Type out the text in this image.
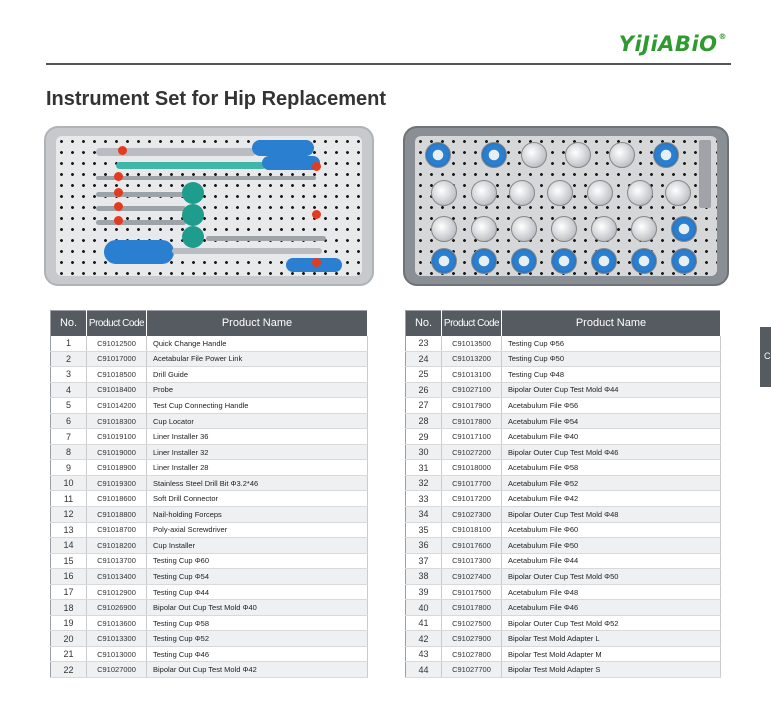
YiJiABiO®
Instrument Set for Hip Replacement
No.	Product Code	Product Name
1	C91012500	Quick Change Handle
2	C91017000	Acetabular File Power Link
3	C91018500	Drill Guide
4	C91018400	Probe
5	C91014200	Test Cup Connecting Handle
6	C91018300	Cup Locator
7	C91019100	Liner Installer 36
8	C91019000	Liner Installer 32
9	C91018900	Liner Installer 28
10	C91019300	Stainless Steel Drill Bit Φ3.2*46
11	C91018600	Soft Drill Connector
12	C91018800	Nail-holding Forceps
13	C91018700	Poly-axial Screwdriver
14	C91018200	Cup Installer
15	C91013700	Testing Cup Φ60
16	C91013400	Testing Cup Φ54
17	C91012900	Testing Cup Φ44
18	C91026900	Bipolar Out Cup Test Mold Φ40
19	C91013600	Testing Cup Φ58
20	C91013300	Testing Cup Φ52
21	C91013000	Testing Cup Φ46
22	C91027000	Bipolar Out Cup Test Mold Φ42
No.	Product Code	Product Name
23	C91013500	Testing Cup Φ56
24	C91013200	Testing Cup Φ50
25	C91013100	Testing Cup Φ48
26	C91027100	Bipolar Outer Cup Test Mold Φ44
27	C91017900	Acetabulum File Φ56
28	C91017800	Acetabulum File Φ54
29	C91017100	Acetabulum File Φ40
30	C91027200	Bipolar Outer Cup Test Mold Φ46
31	C91018000	Acetabulum File Φ58
32	C91017700	Acetabulum File Φ52
33	C91017200	Acetabulum File Φ42
34	C91027300	Bipolar Outer Cup Test Mold Φ48
35	C91018100	Acetabulum File Φ60
36	C91017600	Acetabulum File Φ50
37	C91017300	Acetabulum File Φ44
38	C91027400	Bipolar Outer Cup Test Mold Φ50
39	C91017500	Acetabulum File Φ48
40	C91017800	Acetabulum File Φ46
41	C91027500	Bipolar Outer Cup Test Mold Φ52
42	C91027900	Bipolar Test Mold Adapter L
43	C91027800	Bipolar Test Mold Adapter M
44	C91027700	Bipolar Test Mold Adapter S
C
